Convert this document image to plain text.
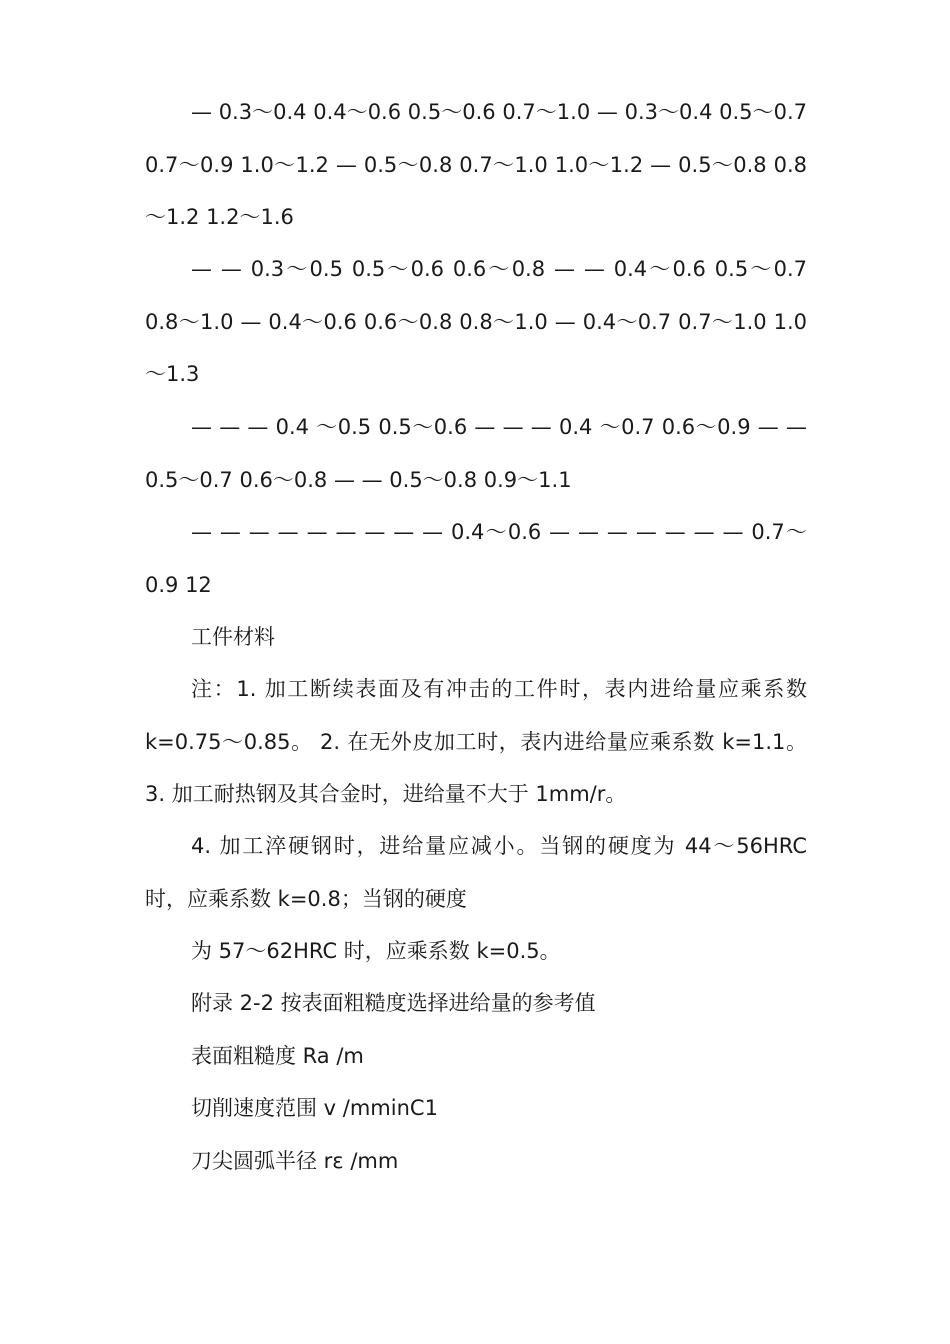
— 0.3～0.4 0.4～0.6 0.5～0.6 0.7～1.0 — 0.3～0.4 0.5～0.7 0.7～0.9 1.0～1.2 — 0.5～0.8 0.7～1.0 1.0～1.2 — 0.5～0.8 0.8～1.2 1.2～1.6

— — 0.3～0.5 0.5～0.6 0.6～0.8 — — 0.4～0.6 0.5～0.7 0.8～1.0 — 0.4～0.6 0.6～0.8 0.8～1.0 — 0.4～0.7 0.7～1.0 1.0～1.3

— — — 0.4 ～0.5 0.5～0.6 — — — 0.4 ～0.7 0.6～0.9 — — 0.5～0.7 0.6～0.8 — — 0.5～0.8 0.9～1.1

— — — — — — — — — 0.4～0.6 — — — — — — — 0.7～0.9 12

工件材料

注：1. 加工断续表面及有冲击的工件时，表内进给量应乘系数 k=0.75～0.85。 2. 在无外皮加工时，表内进给量应乘系数 k=1.1。 3. 加工耐热钢及其合金时，进给量不大于 1mm/r。

4. 加工淬硬钢时，进给量应减小。当钢的硬度为 44～56HRC 时，应乘系数 k=0.8；当钢的硬度

为 57～62HRC 时，应乘系数 k=0.5。

附录 2-2 按表面粗糙度选择进给量的参考值

表面粗糙度 Ra /m

切削速度范围 v /mminC1

刀尖圆弧半径 rε /mm
